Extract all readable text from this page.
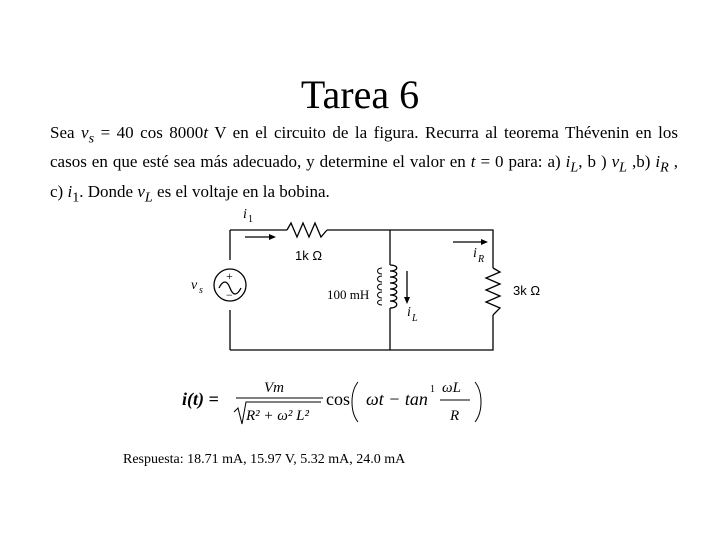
Tarea 6
Sea $v_s = 40$ cos 8000t V en el circuito de la figura. Recurra al teorema Thévenin en los casos en que esté sea más adecuado, y determine el valor en t = 0 para: a) $i_L$, b ) $v_L$ ,b) $i_R$ , c) $i_1$. Donde $v_L$ es el voltaje en la bobina.
i 1
1k Ω	i R
3k Ω
v s
+
−	100 mH
i L
i(t) =
Vm
R² + ω² L²
cos ωt − tan 1 ωL
R
Respuesta: 18.71 mA, 15.97 V, 5.32 mA, 24.0 mA
